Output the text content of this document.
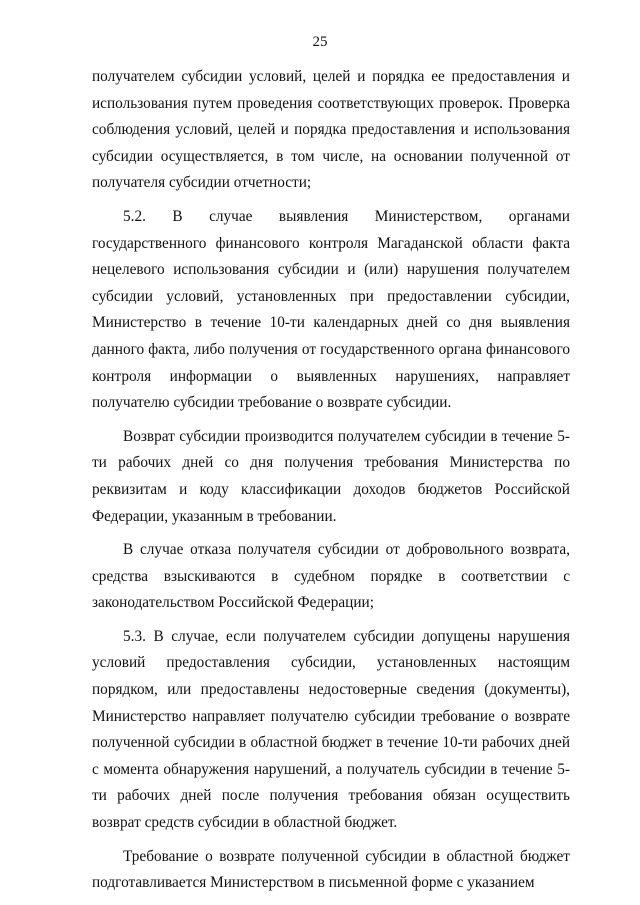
25

получателем субсидии условий, целей и порядка ее предоставления и использования путем проведения соответствующих проверок. Проверка соблюдения условий, целей и порядка предоставления и использования субсидии осуществляется, в том числе, на основании полученной от получателя субсидии отчетности;

5.2. В случае выявления Министерством, органами государственного финансового контроля Магаданской области факта нецелевого использования субсидии и (или) нарушения получателем субсидии условий, установленных при предоставлении субсидии, Министерство в течение 10-ти календарных дней со дня выявления данного факта, либо получения от государственного органа финансового контроля информации о выявленных нарушениях, направляет получателю субсидии требование о возврате субсидии.

Возврат субсидии производится получателем субсидии в течение 5-ти рабочих дней со дня получения требования Министерства по реквизитам и коду классификации доходов бюджетов Российской Федерации, указанным в требовании.

В случае отказа получателя субсидии от добровольного возврата, средства взыскиваются в судебном порядке в соответствии с законодательством Российской Федерации;

5.3. В случае, если получателем субсидии допущены нарушения условий предоставления субсидии, установленных настоящим порядком, или предоставлены недостоверные сведения (документы), Министерство направляет получателю субсидии требование о возврате полученной субсидии в областной бюджет в течение 10-ти рабочих дней с момента обнаружения нарушений, а получатель субсидии в течение 5-ти рабочих дней после получения требования обязан осуществить возврат средств субсидии в областной бюджет.

Требование о возврате полученной субсидии в областной бюджет подготавливается Министерством в письменной форме с указанием
